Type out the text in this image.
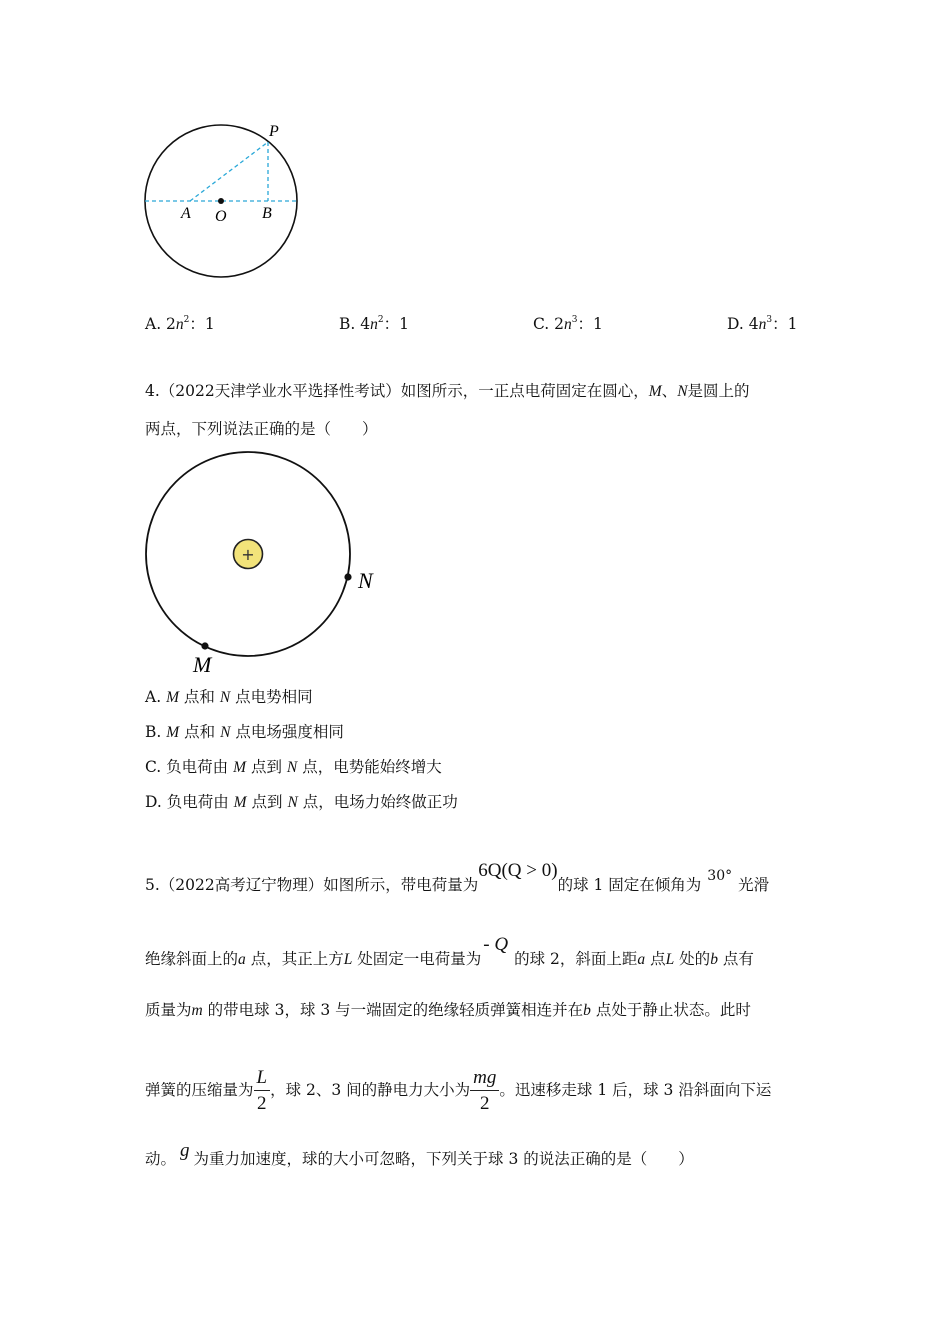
P
A O B
A. $2n^2$：1	B. $4n^2$：1	C. $2n^3$：1	D. $4n^3$：1
4.（2022天津学业水平选择性考试）如图所示，一正点电荷固定在圆心，M、N是圆上的
两点，下列说法正确的是（　　）
+
N
M
A. M 点和 N 点电势相同
B. M 点和 N 点电场强度相同
C. 负电荷由 M 点到 N 点，电势能始终增大
D. 负电荷由 M 点到 N 点，电场力始终做正功
5.（2022高考辽宁物理）如图所示，带电荷量为6Q(Q > 0)的球 1 固定在倾角为 30° 光滑
绝缘斜面上的a 点，其正上方L 处固定一电荷量为- Q的球 2，斜面上距a 点L 处的b 点有
质量为m 的带电球 3，球 3 与一端固定的绝缘轻质弹簧相连并在b 点处于静止状态。此时
弹簧的压缩量为 $\frac{L}{2}$ ，球 2、3 间的静电力大小为 $\frac{mg}{2}$ 。迅速移走球 1 后，球 3 沿斜面向下运
动。 g 为重力加速度，球的大小可忽略，下列关于球 3 的说法正确的是（　　）
